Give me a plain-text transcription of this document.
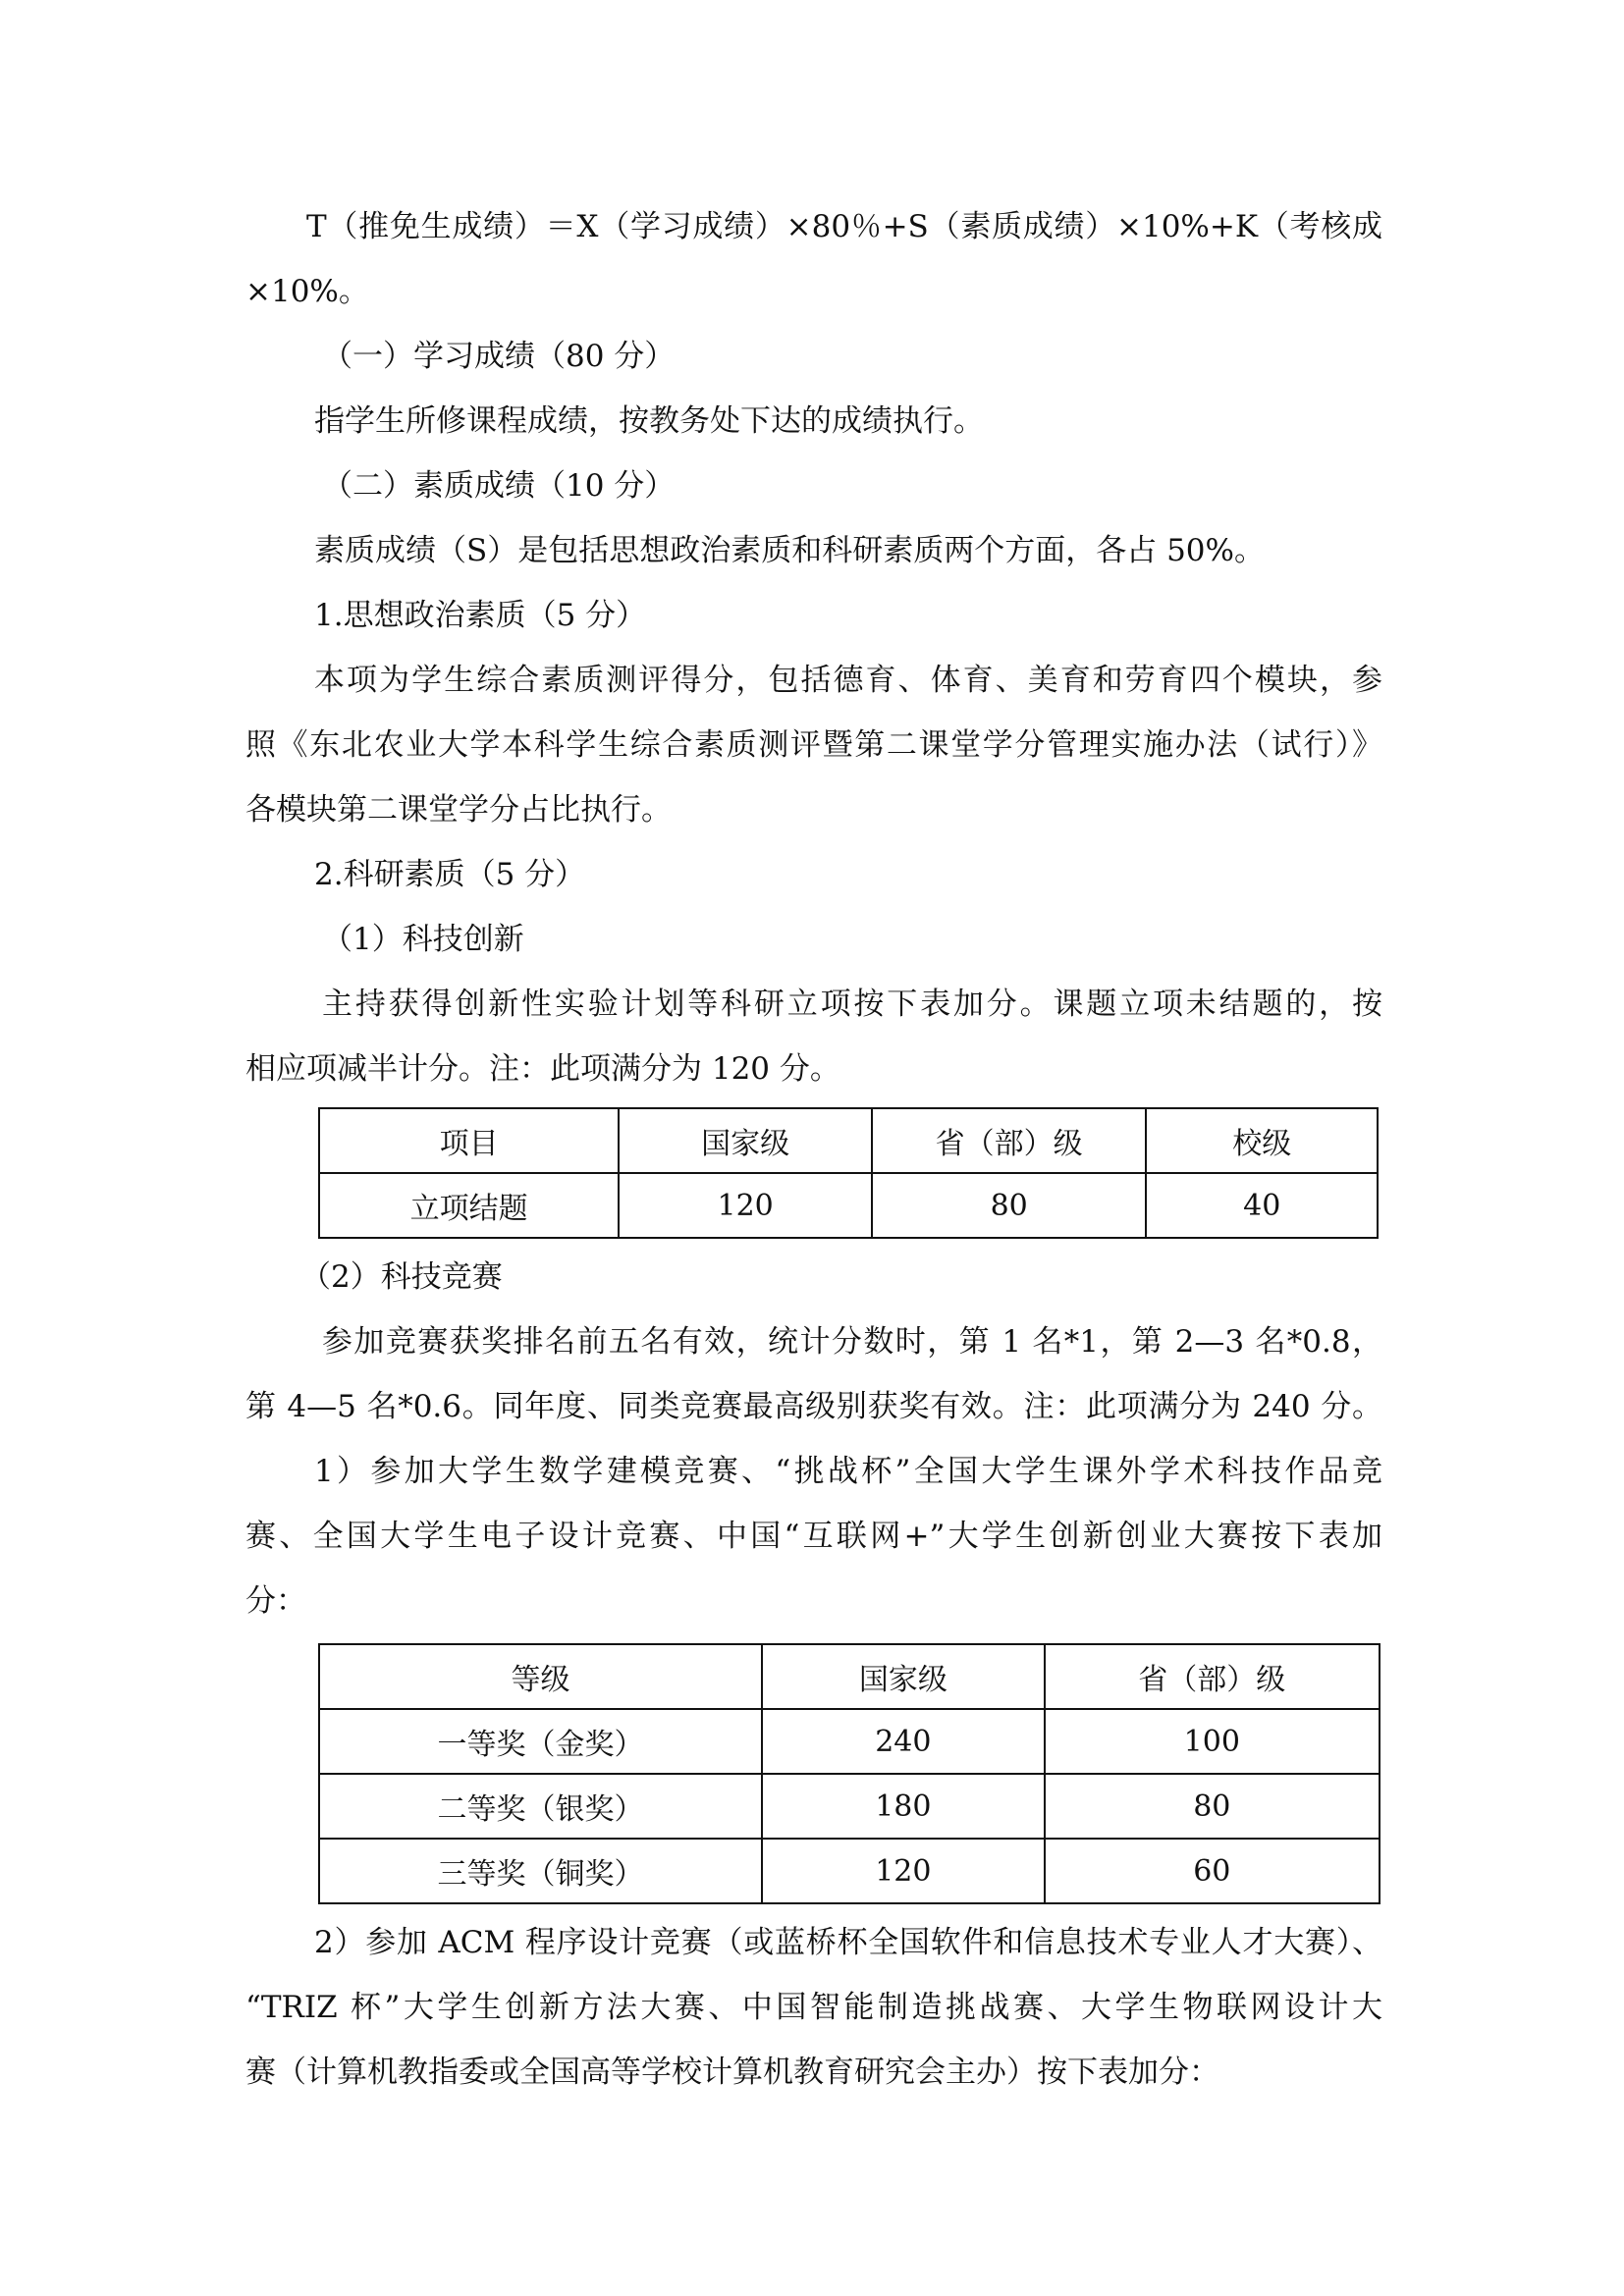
T（推免生成绩）＝X（学习成绩）×80％+S（素质成绩）×10%+K（考核成
×10%。
（一）学习成绩（80 分）
指学生所修课程成绩，按教务处下达的成绩执行。
（二）素质成绩（10 分）
素质成绩（S）是包括思想政治素质和科研素质两个方面，各占 50%。
1.思想政治素质（5 分）
本项为学生综合素质测评得分，包括德育、体育、美育和劳育四个模块，参
照《东北农业大学本科学生综合素质测评暨第二课堂学分管理实施办法（试行）》
各模块第二课堂学分占比执行。
2.科研素质（5 分）
（1）科技创新
主持获得创新性实验计划等科研立项按下表加分。课题立项未结题的，按
相应项减半计分。注：此项满分为 120 分。
项目	国家级	省（部）级	校级
立项结题	120	80	40
（2）科技竞赛
参加竞赛获奖排名前五名有效，统计分数时，第 1 名*1，第 2—3 名*0.8，
第 4—5 名*0.6。同年度、同类竞赛最高级别获奖有效。注：此项满分为 240 分。
1）参加大学生数学建模竞赛、“挑战杯”全国大学生课外学术科技作品竞
赛、全国大学生电子设计竞赛、中国“互联网+”大学生创新创业大赛按下表加
分：
等级	国家级	省（部）级
一等奖（金奖）	240	100
二等奖（银奖）	180	80
三等奖（铜奖）	120	60
2）参加 ACM 程序设计竞赛（或蓝桥杯全国软件和信息技术专业人才大赛）、
“TRIZ 杯”大学生创新方法大赛、中国智能制造挑战赛、大学生物联网设计大
赛（计算机教指委或全国高等学校计算机教育研究会主办）按下表加分：
